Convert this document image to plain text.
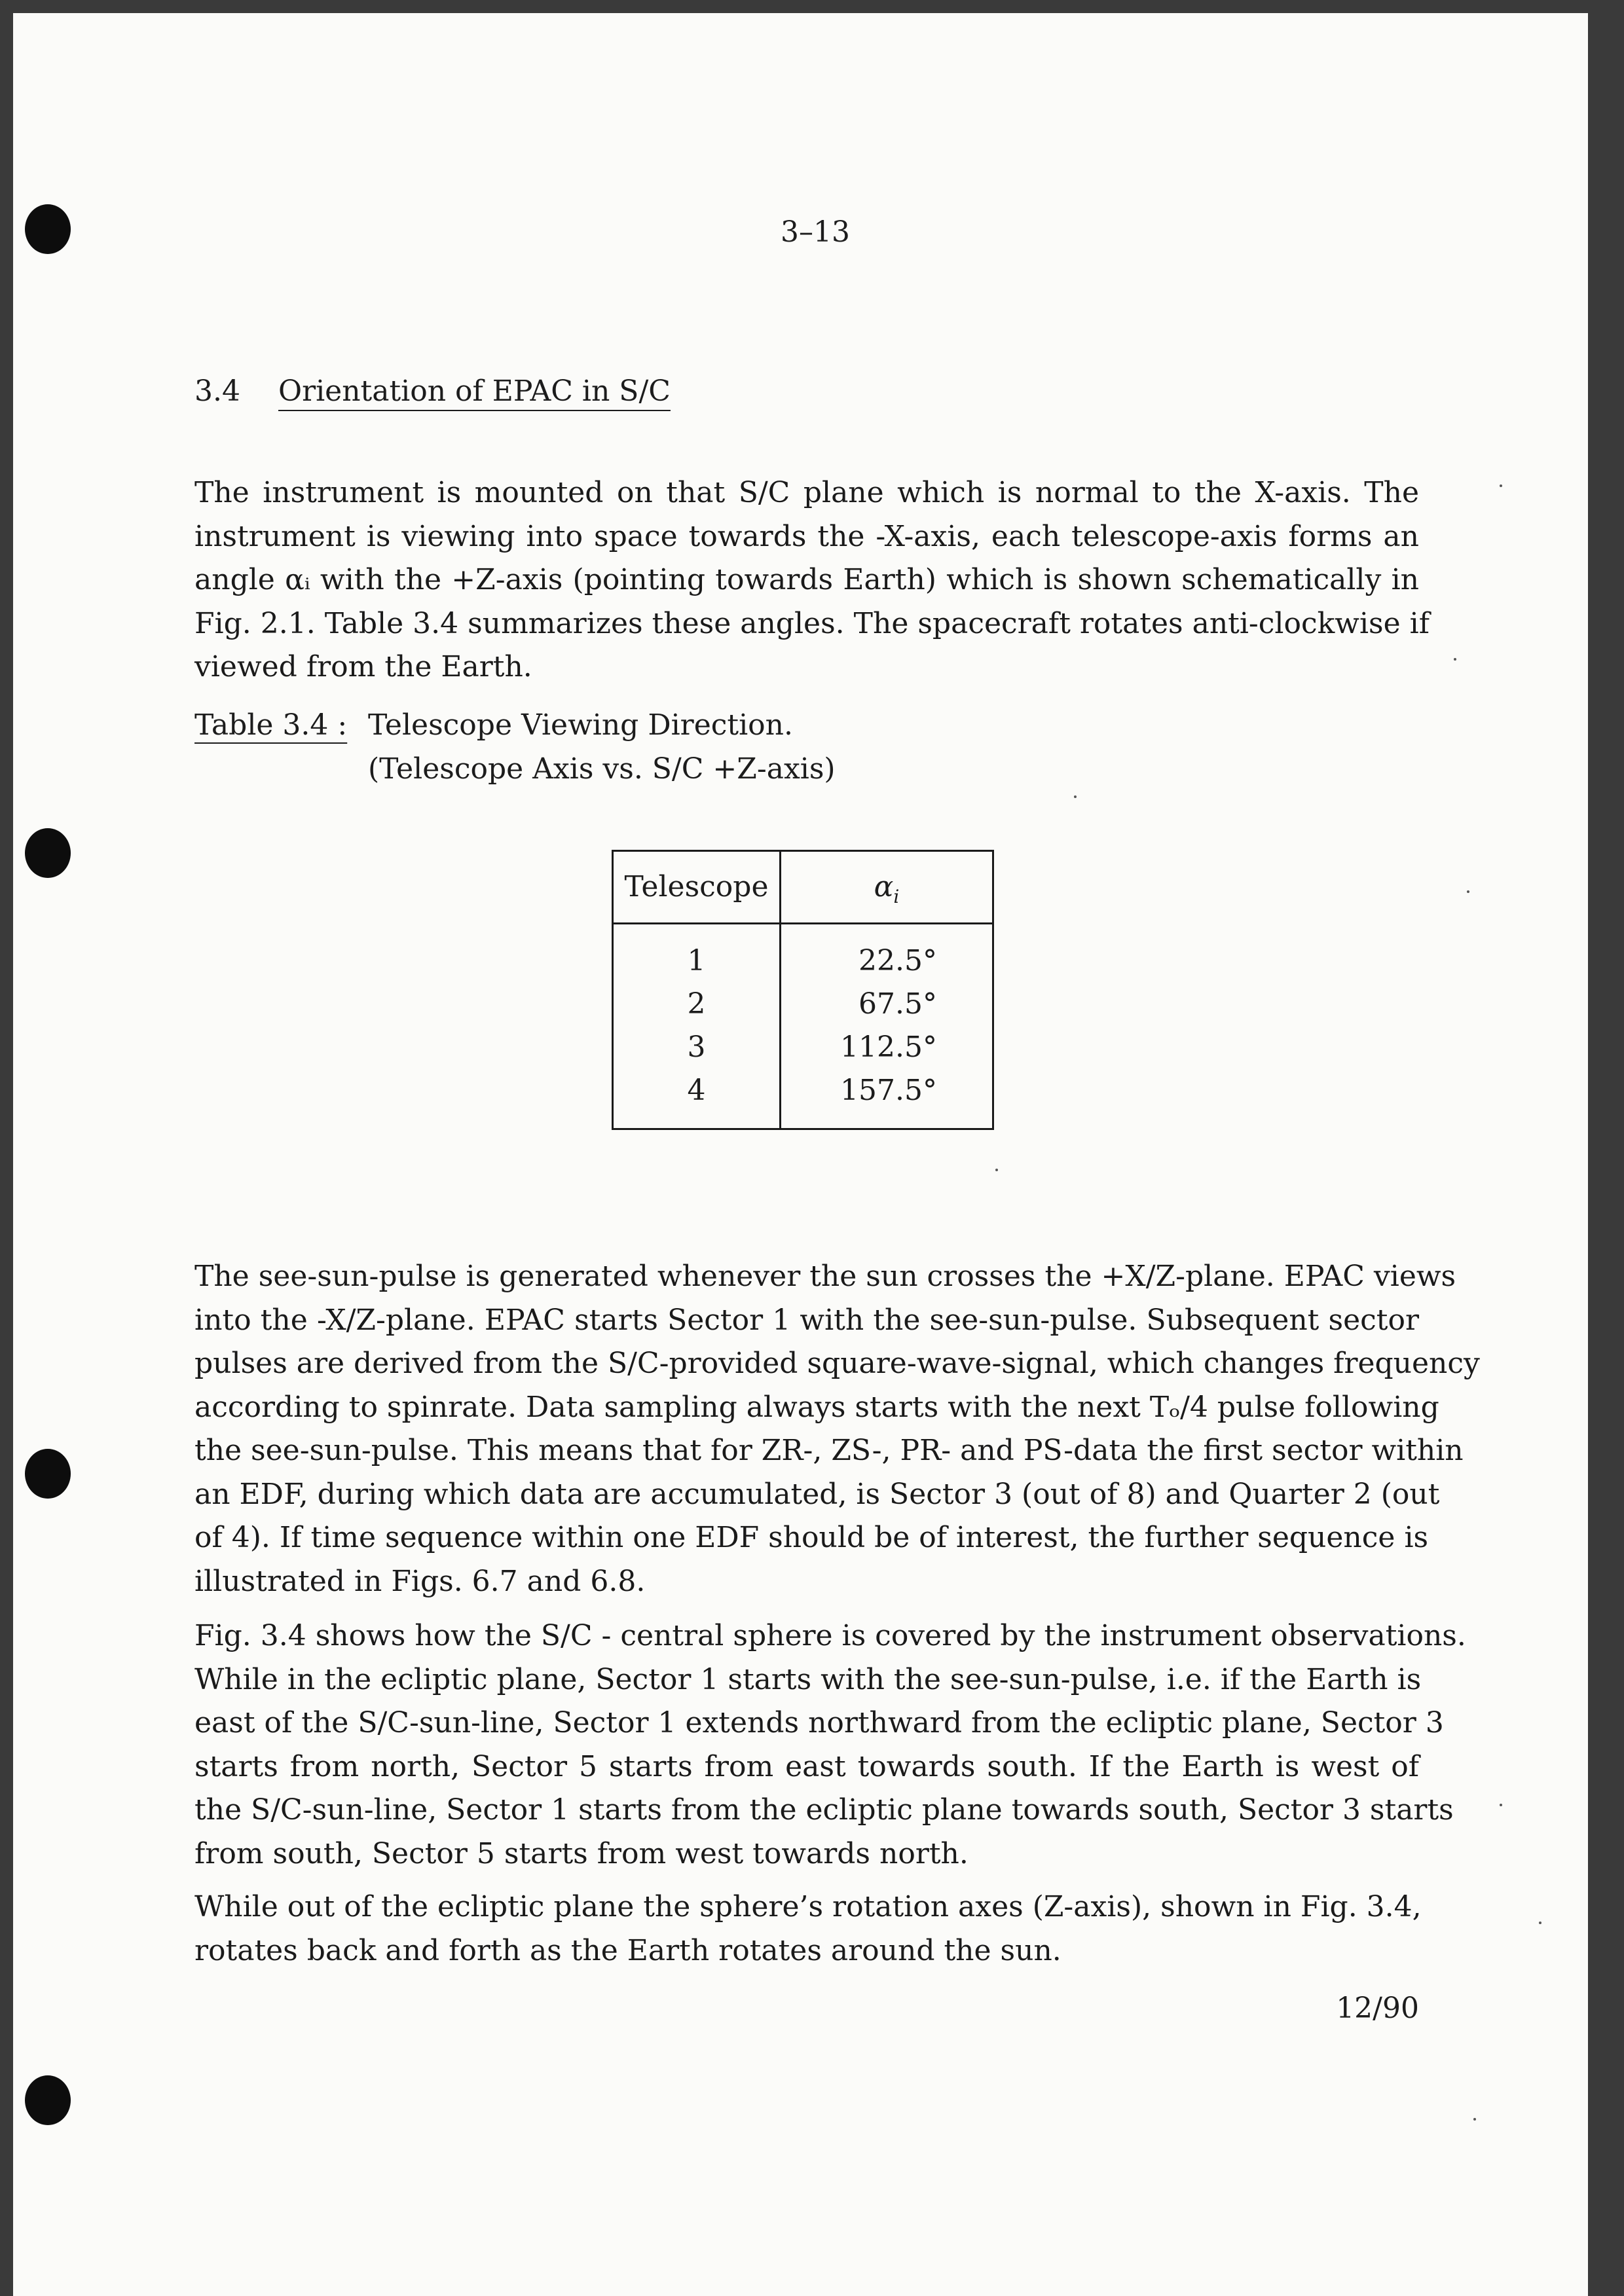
3–13
3.4 Orientation of EPAC in S/C
The instrument is mounted on that S/C plane which is normal to the X-axis. The
instrument is viewing into space towards the -X-axis, each telescope-axis forms an
angle αᵢ with the +Z-axis (pointing towards Earth) which is shown schematically in
Fig. 2.1. Table 3.4 summarizes these angles. The spacecraft rotates anti-clockwise if
viewed from the Earth.
Table 3.4 : Telescope Viewing Direction.
(Telescope Axis vs. S/C +Z-axis)
Telescope	$\alpha_i$
1	22.5°
2	67.5°
3	112.5°
4	157.5°
The see-sun-pulse is generated whenever the sun crosses the +X/Z-plane. EPAC views
into the -X/Z-plane. EPAC starts Sector 1 with the see-sun-pulse. Subsequent sector
pulses are derived from the S/C-provided square-wave-signal, which changes frequency
according to spinrate. Data sampling always starts with the next Tₒ/4 pulse following
the see-sun-pulse. This means that for ZR-, ZS-, PR- and PS-data the first sector within
an EDF, during which data are accumulated, is Sector 3 (out of 8) and Quarter 2 (out
of 4). If time sequence within one EDF should be of interest, the further sequence is
illustrated in Figs. 6.7 and 6.8.
Fig. 3.4 shows how the S/C - central sphere is covered by the instrument observations.
While in the ecliptic plane, Sector 1 starts with the see-sun-pulse, i.e. if the Earth is
east of the S/C-sun-line, Sector 1 extends northward from the ecliptic plane, Sector 3
starts from north, Sector 5 starts from east towards south. If the Earth is west of
the S/C-sun-line, Sector 1 starts from the ecliptic plane towards south, Sector 3 starts
from south, Sector 5 starts from west towards north.
While out of the ecliptic plane the sphere’s rotation axes (Z-axis), shown in Fig. 3.4,
rotates back and forth as the Earth rotates around the sun.
12/90
